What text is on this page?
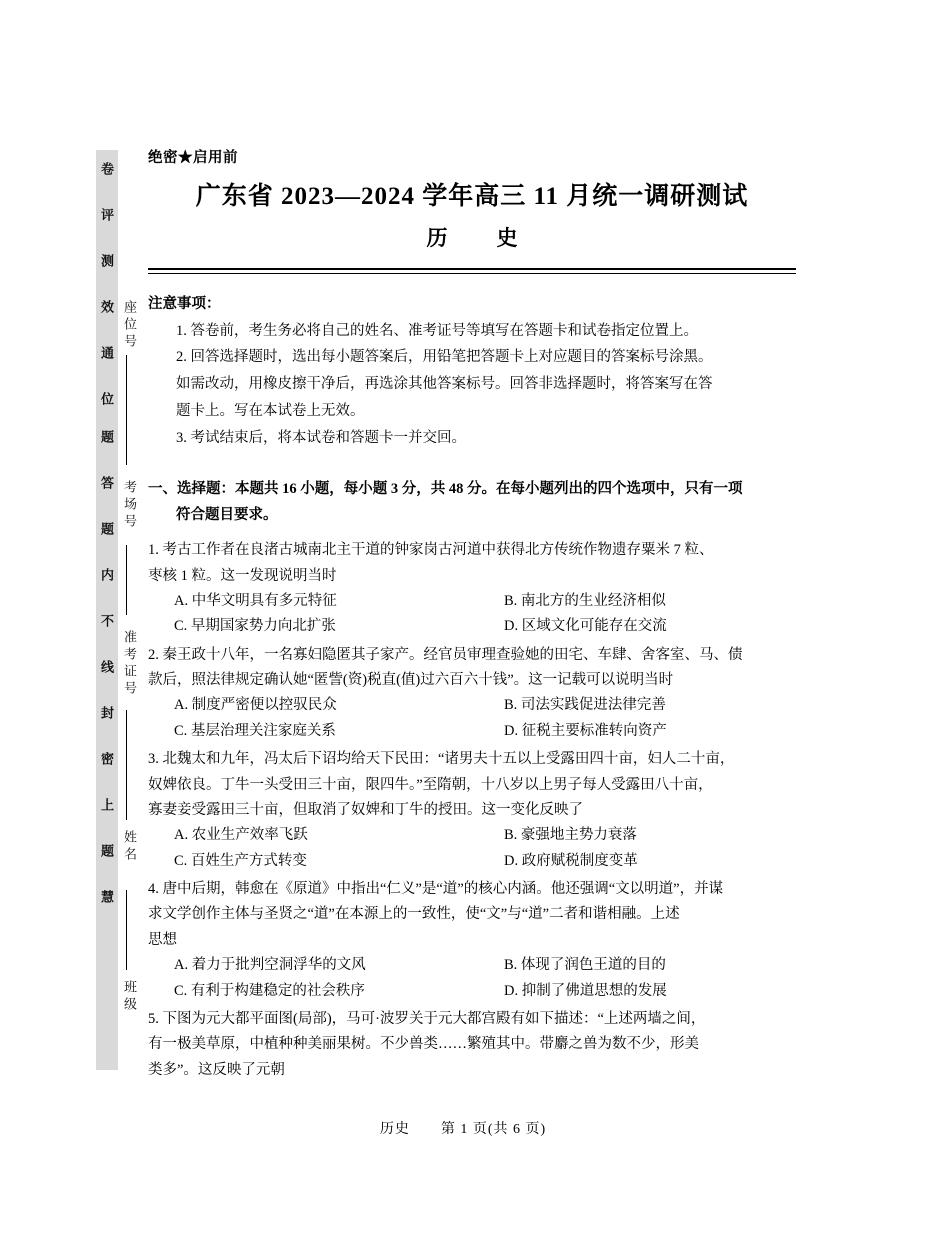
卷　评　测　效　通　位
题　答　题　内　不　线　封　密　上　题　慧
座位号
考场号
准考证号
姓名
班级
绝密★启用前
广东省 2023—2024 学年高三 11 月统一调研测试
历　史
注意事项：
1. 答卷前，考生务必将自己的姓名、准考证号等填写在答题卡和试卷指定位置上。
2. 回答选择题时，选出每小题答案后，用铅笔把答题卡上对应题目的答案标号涂黑。
如需改动，用橡皮擦干净后，再选涂其他答案标号。回答非选择题时，将答案写在答
题卡上。写在本试卷上无效。
3. 考试结束后，将本试卷和答题卡一并交回。
一、选择题：本题共 16 小题，每小题 3 分，共 48 分。在每小题列出的四个选项中，只有一项
符合题目要求。
1. 考古工作者在良渚古城南北主干道的钟家岗古河道中获得北方传统作物遗存粟米 7 粒、
枣核 1 粒。这一发现说明当时
A. 中华文明具有多元特征	B. 南北方的生业经济相似
C. 早期国家势力向北扩张	D. 区域文化可能存在交流
2. 秦王政十八年，一名寡妇隐匿其子家产。经官员审理查验她的田宅、车肆、舍客室、马、债
款后，照法律规定确认她“匿訾(资)税直(值)过六百六十钱”。这一记载可以说明当时
A. 制度严密便以控驭民众	B. 司法实践促进法律完善
C. 基层治理关注家庭关系	D. 征税主要标准转向资产
3. 北魏太和九年，冯太后下诏均给天下民田：“诸男夫十五以上受露田四十亩，妇人二十亩，
奴婢依良。丁牛一头受田三十亩，限四牛。”至隋朝，十八岁以上男子每人受露田八十亩，
寡妻妾受露田三十亩，但取消了奴婢和丁牛的授田。这一变化反映了
A. 农业生产效率飞跃	B. 豪强地主势力衰落
C. 百姓生产方式转变	D. 政府赋税制度变革
4. 唐中后期，韩愈在《原道》中指出“仁义”是“道”的核心内涵。他还强调“文以明道”，并谋
求文学创作主体与圣贤之“道”在本源上的一致性，使“文”与“道”二者和谐相融。上述
思想
A. 着力于批判空洞浮华的文风	B. 体现了润色王道的目的
C. 有利于构建稳定的社会秩序	D. 抑制了佛道思想的发展
5. 下图为元大都平面图(局部)，马可·波罗关于元大都宫殿有如下描述：“上述两墙之间，
有一极美草原，中植种种美丽果树。不少兽类……繁殖其中。带麝之兽为数不少，形美
类多”。这反映了元朝
历史 第 1 页(共 6 页)
